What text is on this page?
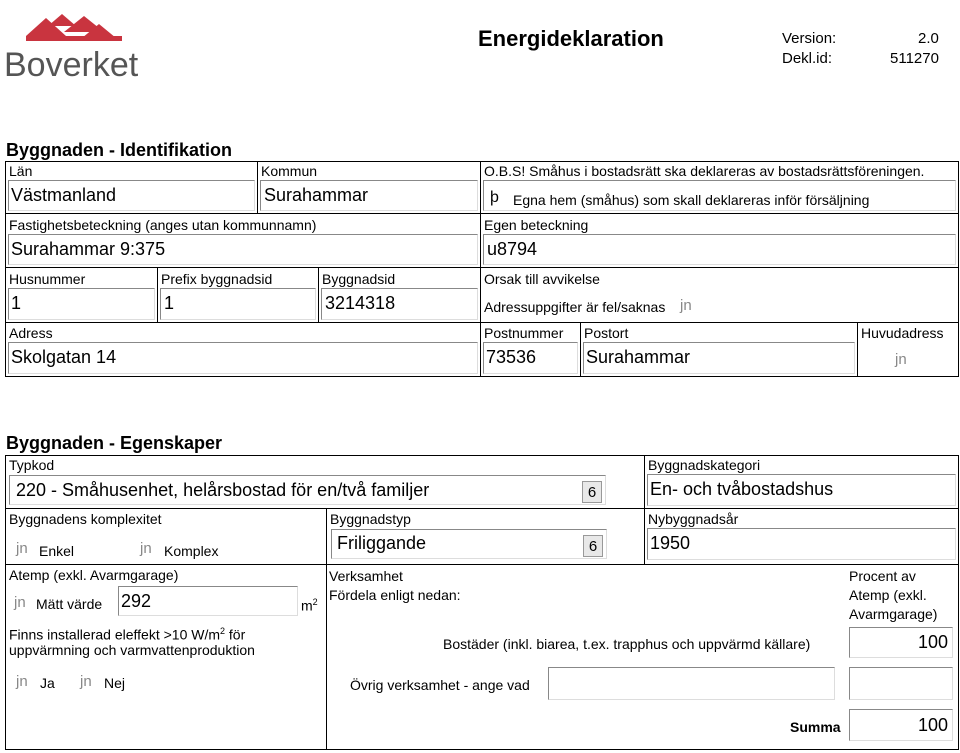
Boverket
Energideklaration	Version:	2.0
Dekl.id:	511270
Byggnaden - Identifikation
Län
Västmanland
Kommun
Surahammar
O.B.S! Småhus i bostadsrätt ska deklareras av bostadsrättsföreningen.
þ Egna hem (småhus) som skall deklareras inför försäljning
Fastighetsbeteckning (anges utan kommunnamn)
Surahammar 9:375
Egen beteckning
u8794
Husnummer
1
Prefix byggnadsid
1
Byggnadsid
3214318
Orsak till avvikelse
Adressuppgifter är fel/saknas jn
Adress
Skolgatan 14
Postnummer
73536
Postort
Surahammar
Huvudadress
jn
Byggnaden - Egenskaper
Typkod
220 - Småhusenhet, helårsbostad för en/två familjer	6
Byggnadskategori
En- och tvåbostadshus
Byggnadens komplexitet
jn Enkel	jn Komplex
Byggnadstyp
Friliggande	6
Nybyggnadsår
1950
Atemp (exkl. Avarmgarage)
jn Mätt värde 292	$m^2$
Finns installerad eleffekt >10 $W/m^2$ för
uppvärmning och varmvattenproduktion
jn Ja jn Nej
Verksamhet
Fördela enligt nedan:
Procent av
Atemp (exkl.
Avarmgarage)
Bostäder (inkl. biarea, t.ex. trapphus och uppvärmd källare)	100
Övrig verksamhet - ange vad
Summa	100
